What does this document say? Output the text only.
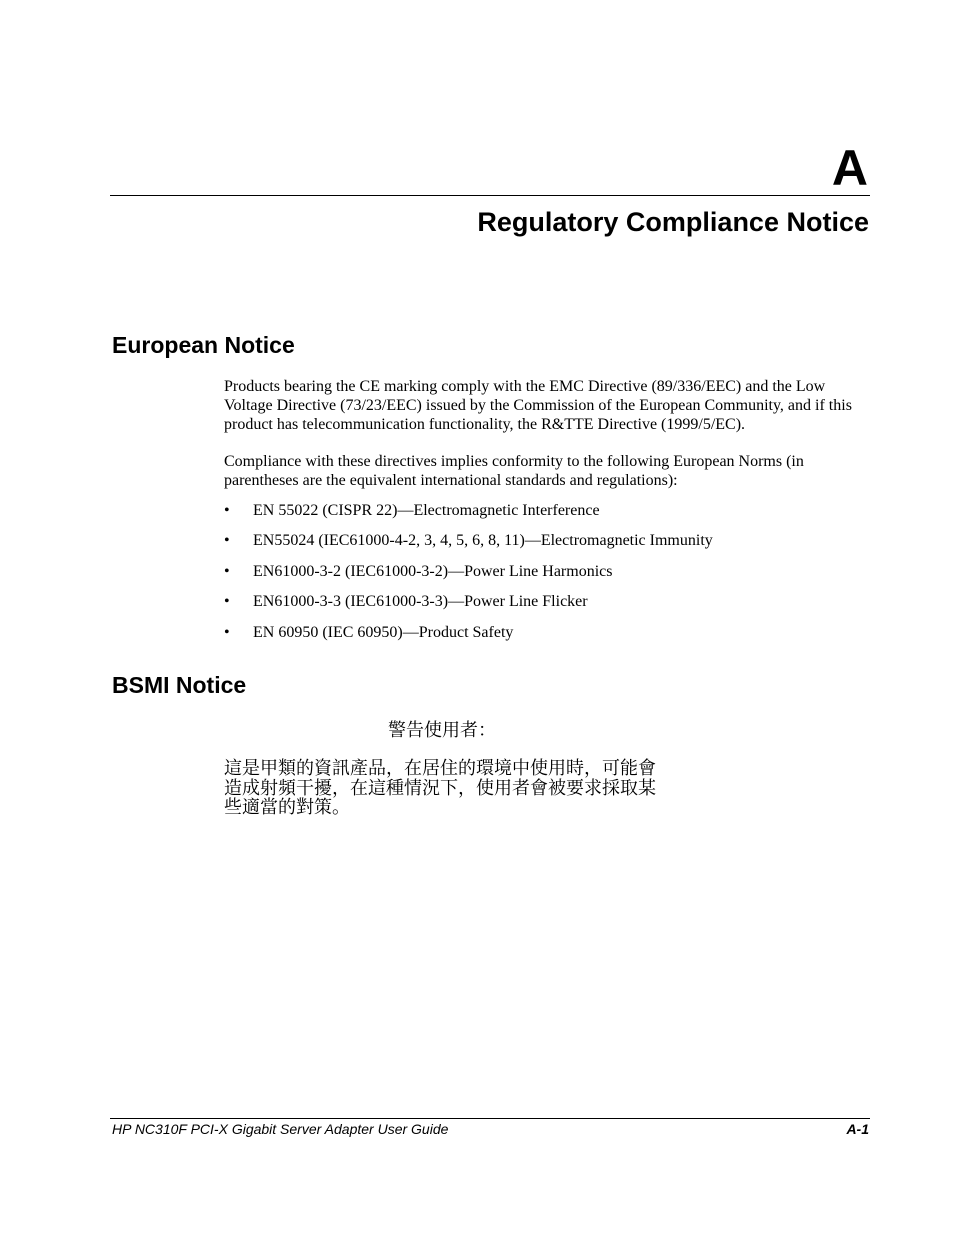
A
Regulatory Compliance Notice
European Notice

Products bearing the CE marking comply with the EMC Directive (89/336/EEC) and the Low Voltage Directive (73/23/EEC) issued by the Commission of the European Community, and if this product has telecommunication functionality, the R&TTE Directive (1999/5/EC).

Compliance with these directives implies conformity to the following European Norms (in parentheses are the equivalent international standards and regulations):

• EN 55022 (CISPR 22)—Electromagnetic Interference
• EN55024 (IEC61000-4-2, 3, 4, 5, 6, 8, 11)—Electromagnetic Immunity
• EN61000-3-2 (IEC61000-3-2)—Power Line Harmonics
• EN61000-3-3 (IEC61000-3-3)—Power Line Flicker
• EN 60950 (IEC 60950)—Product Safety
BSMI Notice

警告使用者：

這是甲類的資訊產品，在居住的環境中使用時，可能會造成射頻干擾，在這種情況下，使用者會被要求採取某些適當的對策。

HP NC310F PCI-X Gigabit Server Adapter User Guide	A-1
